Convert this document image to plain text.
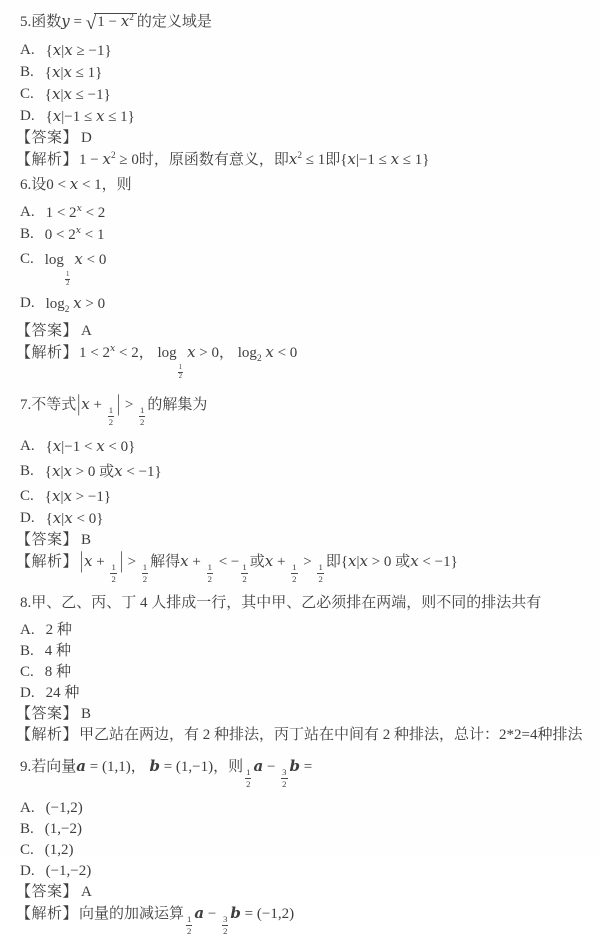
5.函数y = √ $1 - x^2$ 的定义域是
A. {x|x ≥ −1}
B. {x|x ≤ 1}
C. {x|x ≤ −1}
D. {x|−1 ≤ x ≤ 1}
【答案】 D
【解析】$1 - x^2 \ge 0$时，原函数有意义，即$x^2 \le 1$即{x|−1 ≤ x ≤ 1}
6.设0 < x < 1，则
A. $1 < 2^x < 2$
B. $0 < 2^x < 1$
C. log
$\frac{1}{2}$
x < 0
D. $\log_2 x > 0$
【答案】 A
【解析】$1 < 2^x < 2$， log
$\frac{1}{2}$
x > 0， $\log_2 x < 0$
7.不等式|x +
$\frac{1}{2}$ | >
$\frac{1}{2}$
的解集为
A. {x|−1 < x < 0}
B. {x|x > 0 或x < −1}
C. {x|x > −1}
D. {x|x < 0}
【答案】 B
【解析】 |x +
$\frac{1}{2}$ | >
$\frac{1}{2}$
解得x +
$\frac{1}{2}$
< −
$\frac{1}{2}$
或x +
$\frac{1}{2}$
>
$\frac{1}{2}$
即{x|x > 0 或x < −1}
8.甲、乙、丙、丁 4 人排成一行，其中甲、乙必须排在两端，则不同的排法共有
A. 2 种
B. 4 种
C. 8 种
D. 24 种
【答案】 B
【解析】甲乙站在两边，有 2 种排法，丙丁站在中间有 2 种排法，总计：2*2=4种排法
9.若向量a = (1,1)， b = (1,−1)，则
$\frac{1}{2}$
a −
$\frac{3}{2}$
b =
A. (−1,2)
B. (1,−2)
C. (1,2)
D. (−1,−2)
【答案】 A
【解析】向量的加减运算
$\frac{1}{2}$
a −
$\frac{3}{2}$
b = (−1,2)
